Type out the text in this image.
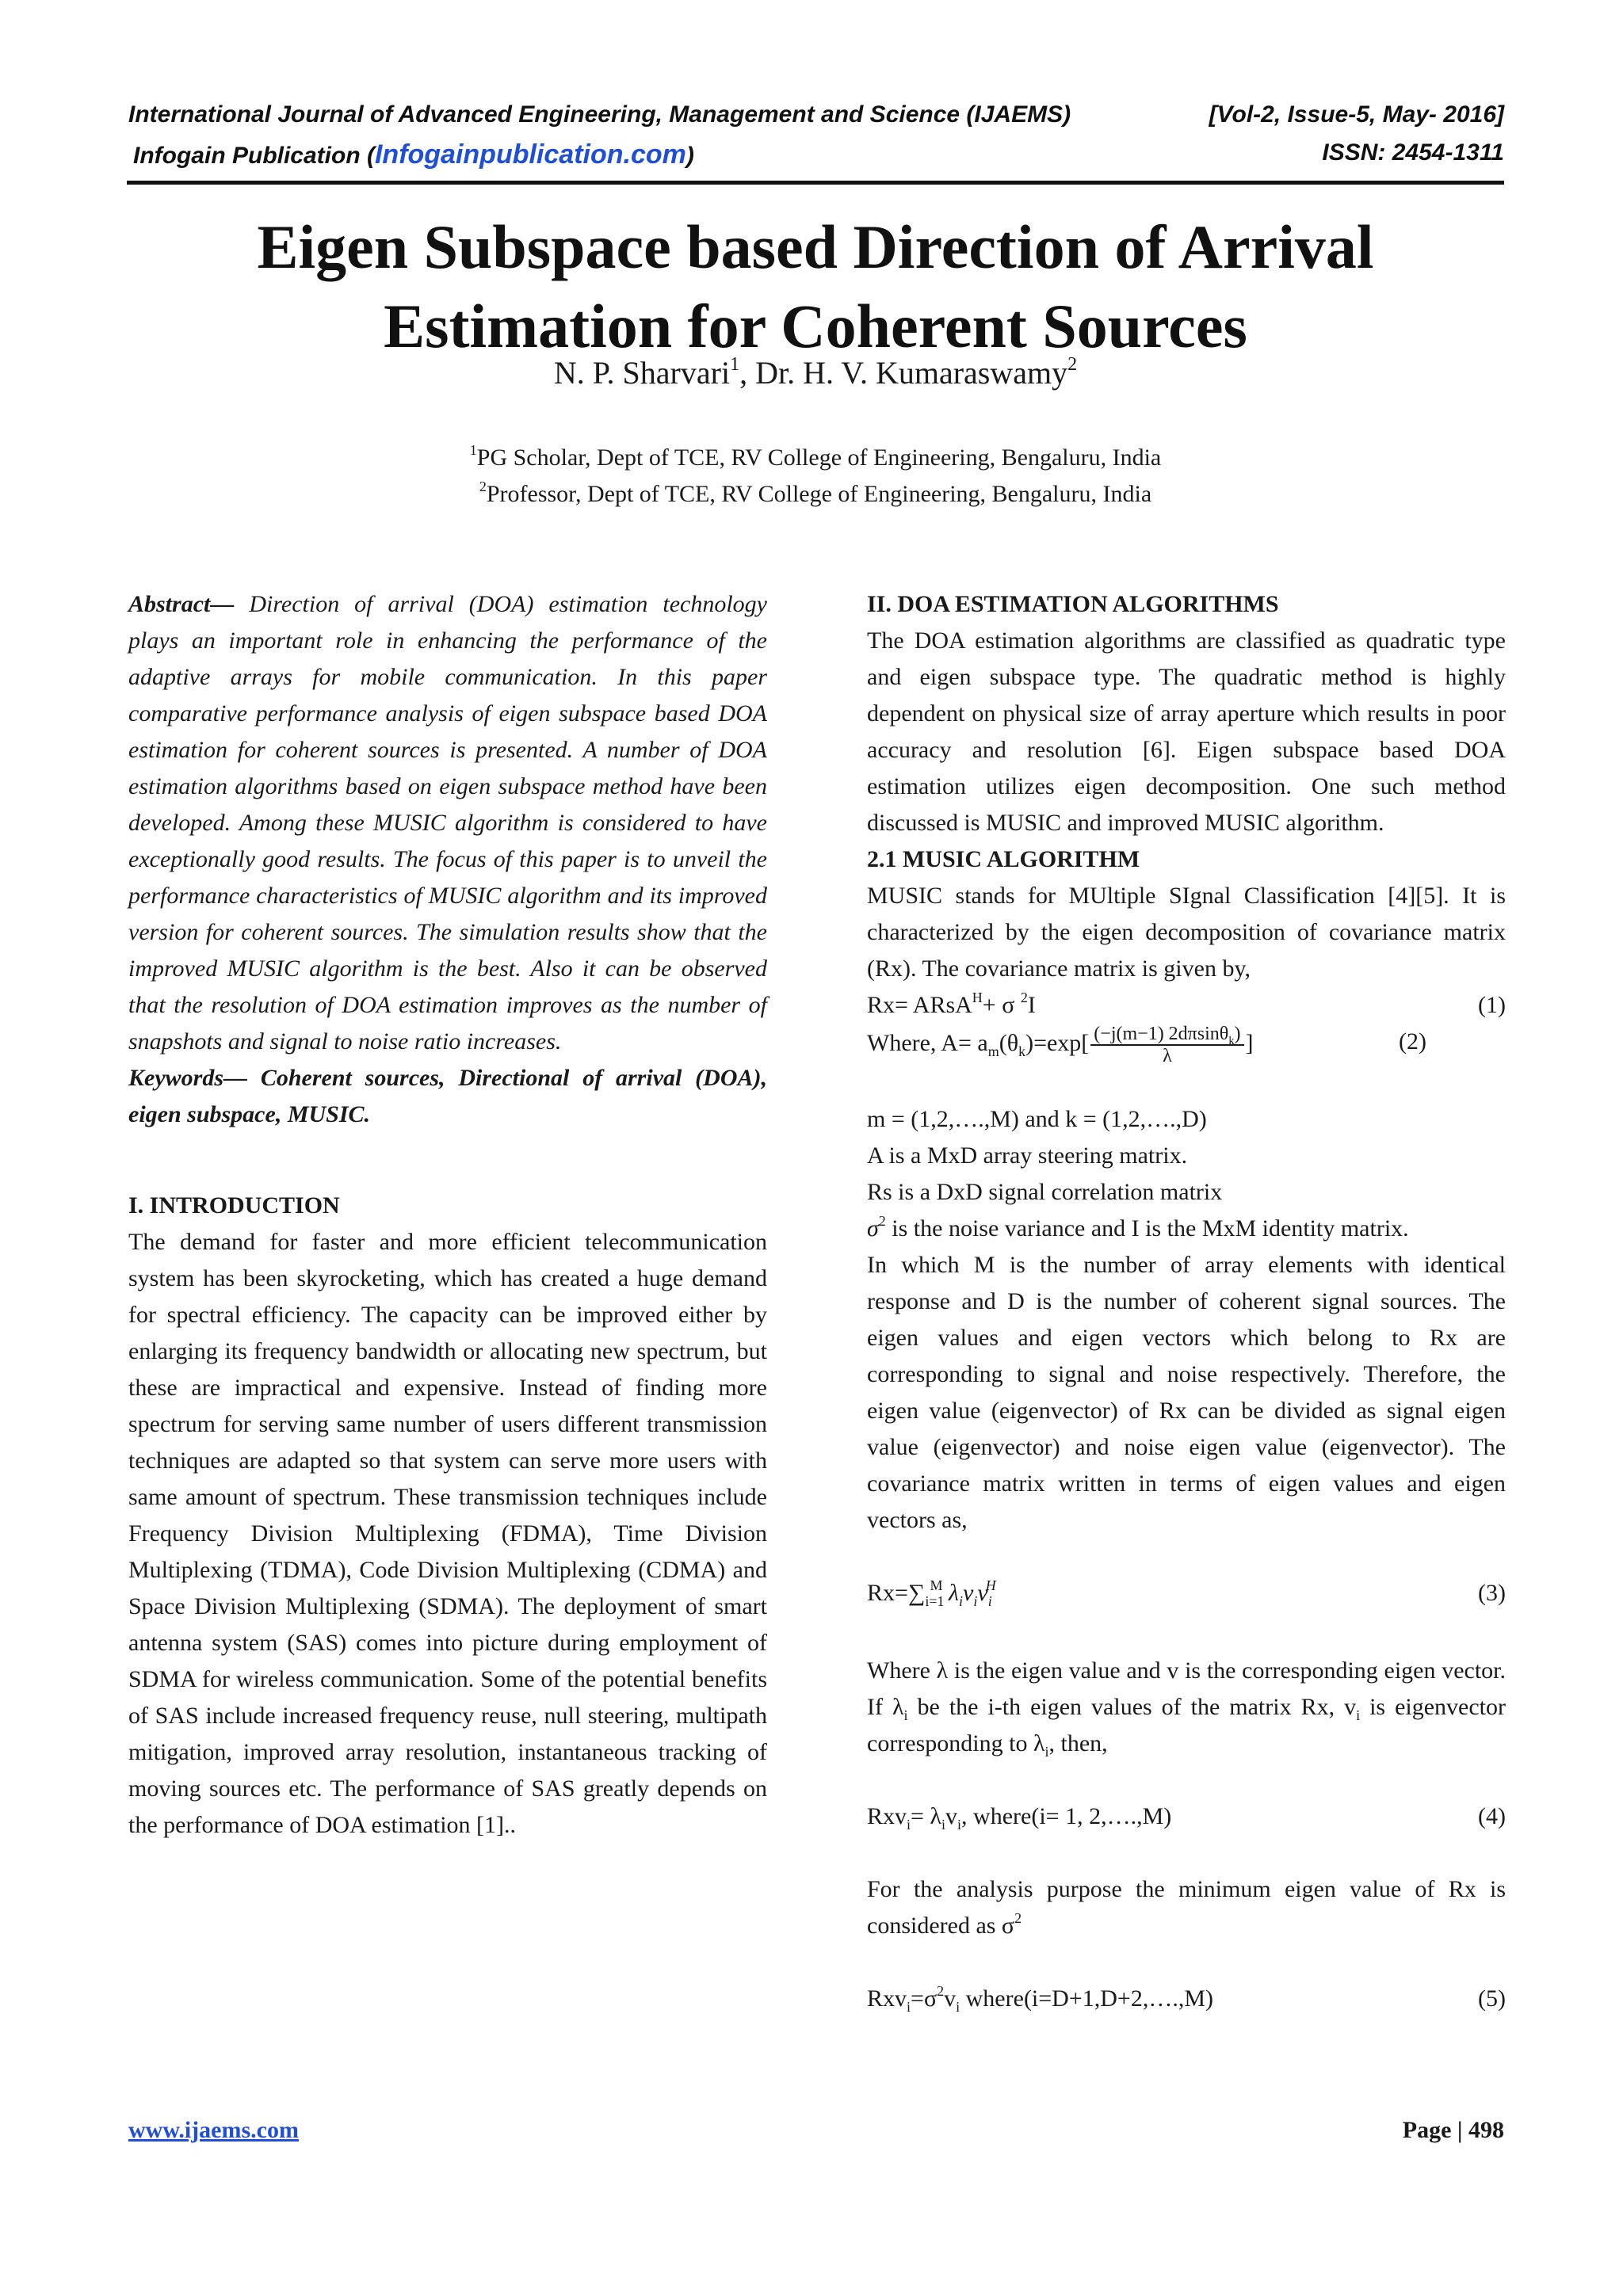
International Journal of Advanced Engineering, Management and Science (IJAEMS)	[Vol-2, Issue-5, May- 2016]
Infogain Publication (Infogainpublication.com)	ISSN: 2454-1311
Eigen Subspace based Direction of Arrival
Estimation for Coherent Sources
N. P. Sharvari$^1$, Dr. H. V. Kumaraswamy$^2$
$^1$PG Scholar, Dept of TCE, RV College of Engineering, Bengaluru, India
$^2$Professor, Dept of TCE, RV College of Engineering, Bengaluru, India

Abstract— Direction of arrival (DOA) estimation technology plays an important role in enhancing the performance of the adaptive arrays for mobile communication. In this paper comparative performance analysis of eigen subspace based DOA estimation for coherent sources is presented. A number of DOA estimation algorithms based on eigen subspace method have been developed. Among these MUSIC algorithm is considered to have exceptionally good results. The focus of this paper is to unveil the performance characteristics of MUSIC algorithm and its improved version for coherent sources. The simulation results show that the improved MUSIC algorithm is the best. Also it can be observed that the resolution of DOA estimation improves as the number of snapshots and signal to noise ratio increases.

Keywords— Coherent sources, Directional of arrival (DOA), eigen subspace, MUSIC.

I. INTRODUCTION

The demand for faster and more efficient telecommunication system has been skyrocketing, which has created a huge demand for spectral efficiency. The capacity can be improved either by enlarging its frequency bandwidth or allocating new spectrum, but these are impractical and expensive. Instead of finding more spectrum for serving same number of users different transmission techniques are adapted so that system can serve more users with same amount of spectrum. These transmission techniques include Frequency Division Multiplexing (FDMA), Time Division Multiplexing (TDMA), Code Division Multiplexing (CDMA) and Space Division Multiplexing (SDMA). The deployment of smart antenna system (SAS) comes into picture during employment of SDMA for wireless communication. Some of the potential benefits of SAS include increased frequency reuse, null steering, multipath mitigation, improved array resolution, instantaneous tracking of moving sources etc. The performance of SAS greatly depends on the performance of DOA estimation [1]..

II. DOA ESTIMATION ALGORITHMS

The DOA estimation algorithms are classified as quadratic type and eigen subspace type. The quadratic method is highly dependent on physical size of array aperture which results in poor accuracy and resolution [6]. Eigen subspace based DOA estimation utilizes eigen decomposition. One such method discussed is MUSIC and improved MUSIC algorithm.

2.1 MUSIC ALGORITHM

MUSIC stands for MUltiple SIgnal Classification [4][5]. It is characterized by the eigen decomposition of covariance matrix (Rx). The covariance matrix is given by,

Rx= ARsA$^H$+ σ $^2$I	(1)
Where, $A= a_m(\theta_k)=\exp[ \frac{(-j(m-1) 2d\pi\sin\theta_k)}{\lambda}$ ]	(2)

m = (1,2,….,M) and k = (1,2,….,D)

A is a MxD array steering matrix.

Rs is a DxD signal correlation matrix

$\sigma^2$ is the noise variance and I is the MxM identity matrix.

In which M is the number of array elements with identical response and D is the number of coherent signal sources. The eigen values and eigen vectors which belong to Rx are corresponding to signal and noise respectively. Therefore, the eigen value (eigenvector) of Rx can be divided as signal eigen value (eigenvector) and noise eigen value (eigenvector). The covariance matrix written in terms of eigen values and eigen vectors as,

$Rx=\sum_{i=1}^M$ $\lambda_iv_iv_i^H$	(3)

Where λ is the eigen value and v is the corresponding eigen vector. If $\lambda_i$ be the i-th eigen values of the matrix Rx, $v_i$ is eigenvector corresponding to $\lambda_i$, then,

$Rxv_i= \lambda_iv_i$, where(i= 1, 2,….,M)	(4)

For the analysis purpose the minimum eigen value of Rx is considered as $\sigma^2$

$Rxv_i=\sigma^2v_i$ where(i=D+1,D+2,….,M)	(5)
www.ijaems.com	Page | 498
